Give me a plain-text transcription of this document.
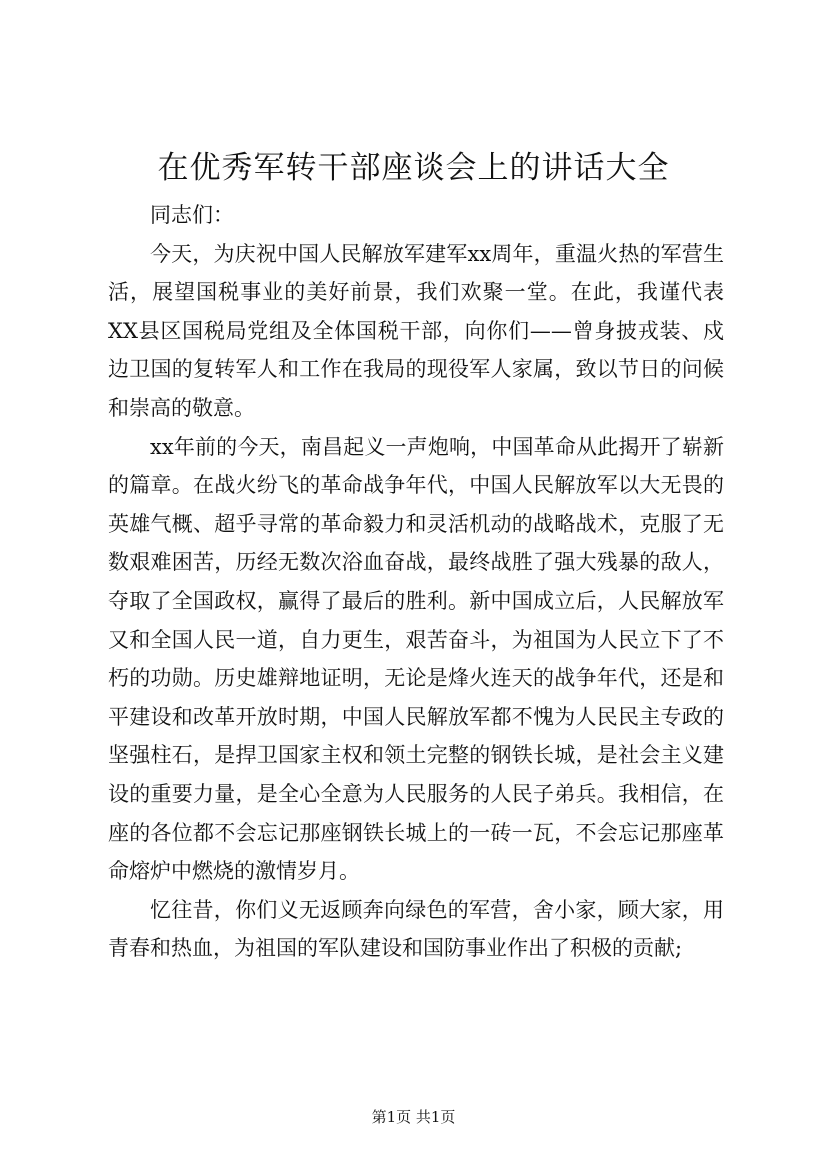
在优秀军转干部座谈会上的讲话大全

同志们：

今天，为庆祝中国人民解放军建军xx周年，重温火热的军营生活，展望国税事业的美好前景，我们欢聚一堂。在此，我谨代表XX县区国税局党组及全体国税干部，向你们——曾身披戎装、戍边卫国的复转军人和工作在我局的现役军人家属，致以节日的问候和崇高的敬意。

xx年前的今天，南昌起义一声炮响，中国革命从此揭开了崭新的篇章。在战火纷飞的革命战争年代，中国人民解放军以大无畏的英雄气概、超乎寻常的革命毅力和灵活机动的战略战术，克服了无数艰难困苦，历经无数次浴血奋战，最终战胜了强大残暴的敌人，夺取了全国政权，赢得了最后的胜利。新中国成立后，人民解放军又和全国人民一道，自力更生，艰苦奋斗，为祖国为人民立下了不朽的功勋。历史雄辩地证明，无论是烽火连天的战争年代，还是和平建设和改革开放时期，中国人民解放军都不愧为人民民主专政的坚强柱石，是捍卫国家主权和领土完整的钢铁长城，是社会主义建设的重要力量，是全心全意为人民服务的人民子弟兵。我相信，在座的各位都不会忘记那座钢铁长城上的一砖一瓦，不会忘记那座革命熔炉中燃烧的激情岁月。

忆往昔，你们义无返顾奔向绿色的军营，舍小家，顾大家，用青春和热血，为祖国的军队建设和国防事业作出了积极的贡献;

第1页 共1页
